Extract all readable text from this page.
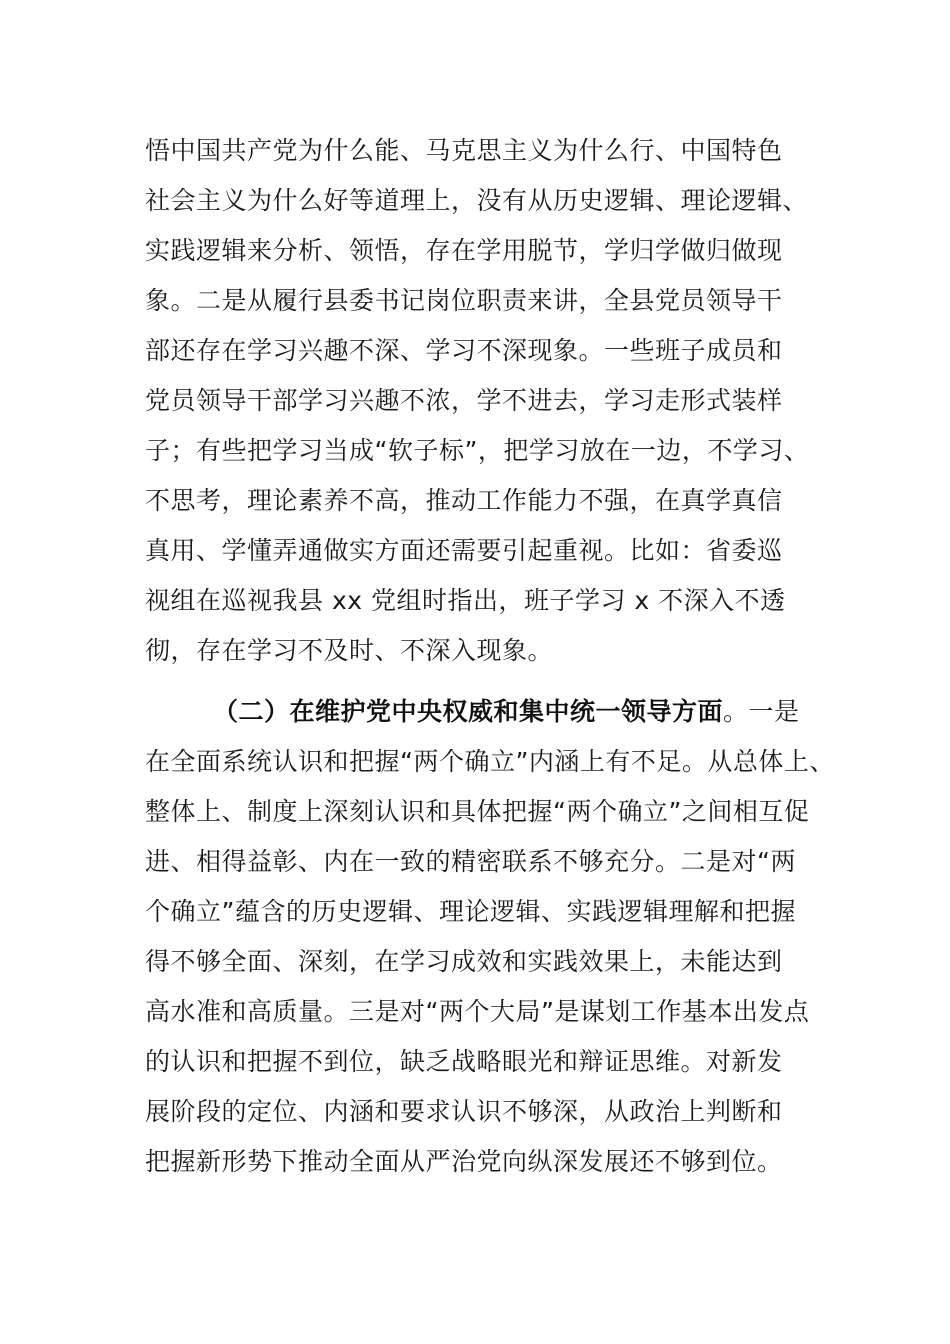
悟中国共产党为什么能、马克思主义为什么行、中国特色
社会主义为什么好等道理上，没有从历史逻辑、理论逻辑、
实践逻辑来分析、领悟，存在学用脱节，学归学做归做现
象。二是从履行县委书记岗位职责来讲，全县党员领导干
部还存在学习兴趣不深、学习不深现象。一些班子成员和
党员领导干部学习兴趣不浓，学不进去，学习走形式装样
子；有些把学习当成“软子标”，把学习放在一边，不学习、
不思考，理论素养不高，推动工作能力不强，在真学真信
真用、学懂弄通做实方面还需要引起重视。比如：省委巡
视组在巡视我县 xx 党组时指出，班子学习 x 不深入不透
彻，存在学习不及时、不深入现象。
（二）在维护党中央权威和集中统一领导方面。一是
在全面系统认识和把握“两个确立”内涵上有不足。从总体上、
整体上、制度上深刻认识和具体把握“两个确立”之间相互促
进、相得益彰、内在一致的精密联系不够充分。二是对“两
个确立”蕴含的历史逻辑、理论逻辑、实践逻辑理解和把握
得不够全面、深刻，在学习成效和实践效果上，未能达到
高水准和高质量。三是对“两个大局”是谋划工作基本出发点
的认识和把握不到位，缺乏战略眼光和辩证思维。对新发
展阶段的定位、内涵和要求认识不够深，从政治上判断和
把握新形势下推动全面从严治党向纵深发展还不够到位。
